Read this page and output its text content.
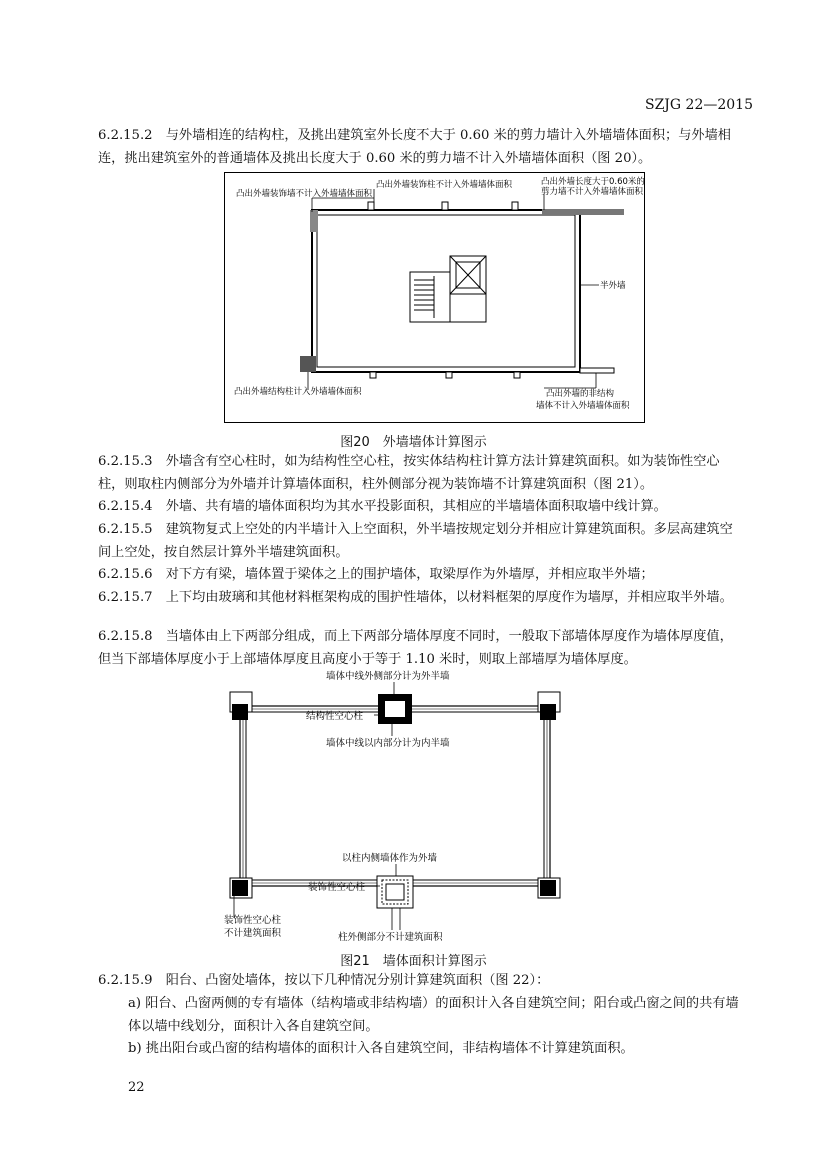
SZJG 22—2015
6.2.15.2　与外墙相连的结构柱，及挑出建筑室外长度不大于 0.60 米的剪力墙计入外墙墙体面积；与外墙相连，挑出建筑室外的普通墙体及挑出长度大于 0.60 米的剪力墙不计入外墙墙体面积（图 20）。
凸出外墙装饰墙不计入外墙墙体面积
凸出外墙装饰柱不计入外墙墙体面积	凸出外墙长度大于0.60米的
剪力墙不计入外墙墙体面积
半外墙
凸出外墙结构柱计入外墙墙体面积	凸出外墙的非结构
墙体不计入外墙墙体面积
图20　外墙墙体计算图示
6.2.15.3　外墙含有空心柱时，如为结构性空心柱，按实体结构柱计算方法计算建筑面积。如为装饰性空心柱，则取柱内侧部分为外墙并计算墙体面积，柱外侧部分视为装饰墙不计算建筑面积（图 21）。
6.2.15.4　外墙、共有墙的墙体面积均为其水平投影面积，其相应的半墙墙体面积取墙中线计算。
6.2.15.5　建筑物复式上空处的内半墙计入上空面积，外半墙按规定划分并相应计算建筑面积。多层高建筑空间上空处，按自然层计算外半墙建筑面积。
6.2.15.6　对下方有梁，墙体置于梁体之上的围护墙体，取梁厚作为外墙厚，并相应取半外墙；
6.2.15.7　上下均由玻璃和其他材料框架构成的围护性墙体，以材料框架的厚度作为墙厚，并相应取半外墙。
6.2.15.8　当墙体由上下两部分组成，而上下两部分墙体厚度不同时，一般取下部墙体厚度作为墙体厚度值，但当下部墙体厚度小于上部墙体厚度且高度小于等于 1.10 米时，则取上部墙厚为墙体厚度。
墙体中线外侧部分计为外半墙
结构性空心柱
墙体中线以内部分计为内半墙
以柱内侧墙体作为外墙
装饰性空心柱
装饰性空心柱
不计建筑面积	柱外侧部分不计建筑面积
图21　墙体面积计算图示
6.2.15.9　阳台、凸窗处墙体，按以下几种情况分别计算建筑面积（图 22）：
a) 阳台、凸窗两侧的专有墙体（结构墙或非结构墙）的面积计入各自建筑空间；阳台或凸窗之间的共有墙体以墙中线划分，面积计入各自建筑空间。
b) 挑出阳台或凸窗的结构墙体的面积计入各自建筑空间，非结构墙体不计算建筑面积。
22
